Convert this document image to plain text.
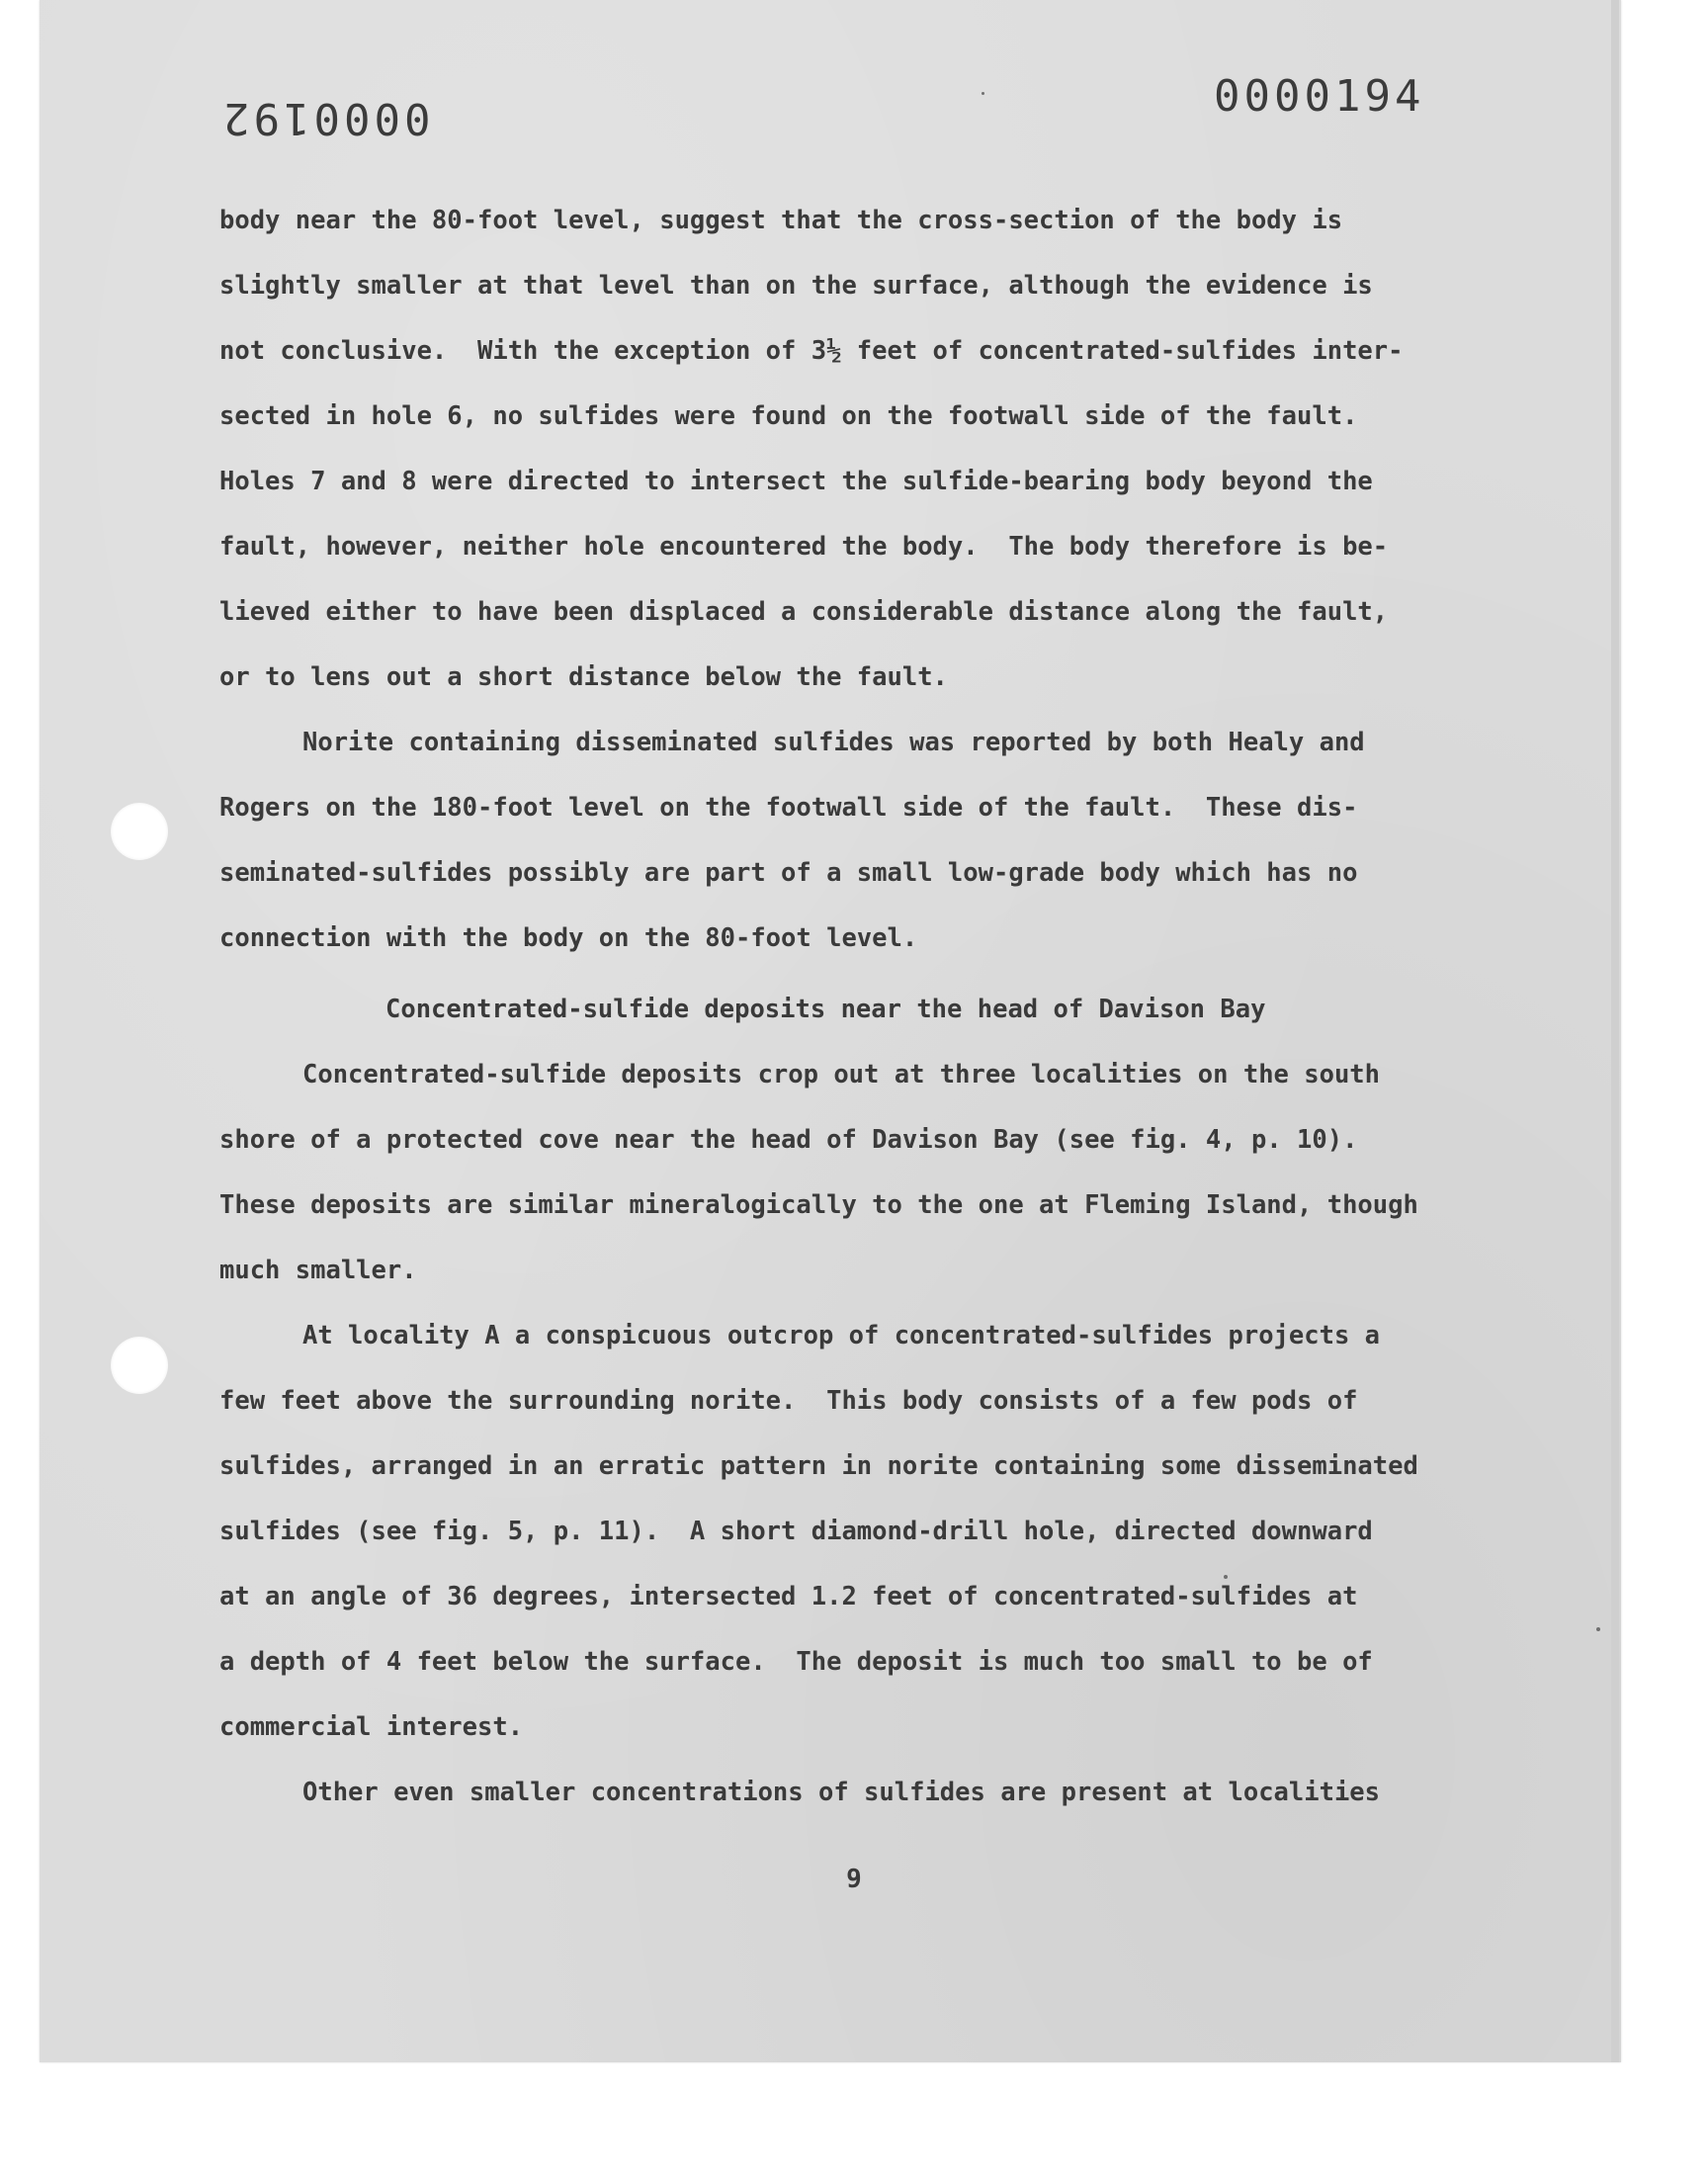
0000192	0000194
body near the 80-foot level, suggest that the cross-section of the body is
slightly smaller at that level than on the surface, although the evidence is
not conclusive.  With the exception of 3½ feet of concentrated-sulfides inter-
sected in hole 6, no sulfides were found on the footwall side of the fault.
Holes 7 and 8 were directed to intersect the sulfide-bearing body beyond the
fault, however, neither hole encountered the body.  The body therefore is be-
lieved either to have been displaced a considerable distance along the fault,
or to lens out a short distance below the fault.
Norite containing disseminated sulfides was reported by both Healy and
Rogers on the 180-foot level on the footwall side of the fault.  These dis-
seminated-sulfides possibly are part of a small low-grade body which has no
connection with the body on the 80-foot level.
Concentrated-sulfide deposits near the head of Davison Bay
Concentrated-sulfide deposits crop out at three localities on the south
shore of a protected cove near the head of Davison Bay (see fig. 4, p. 10).
These deposits are similar mineralogically to the one at Fleming Island, though
much smaller.
At locality A a conspicuous outcrop of concentrated-sulfides projects a
few feet above the surrounding norite.  This body consists of a few pods of
sulfides, arranged in an erratic pattern in norite containing some disseminated
sulfides (see fig. 5, p. 11).  A short diamond-drill hole, directed downward
at an angle of 36 degrees, intersected 1.2 feet of concentrated-sulfides at
a depth of 4 feet below the surface.  The deposit is much too small to be of
commercial interest.
Other even smaller concentrations of sulfides are present at localities
9
